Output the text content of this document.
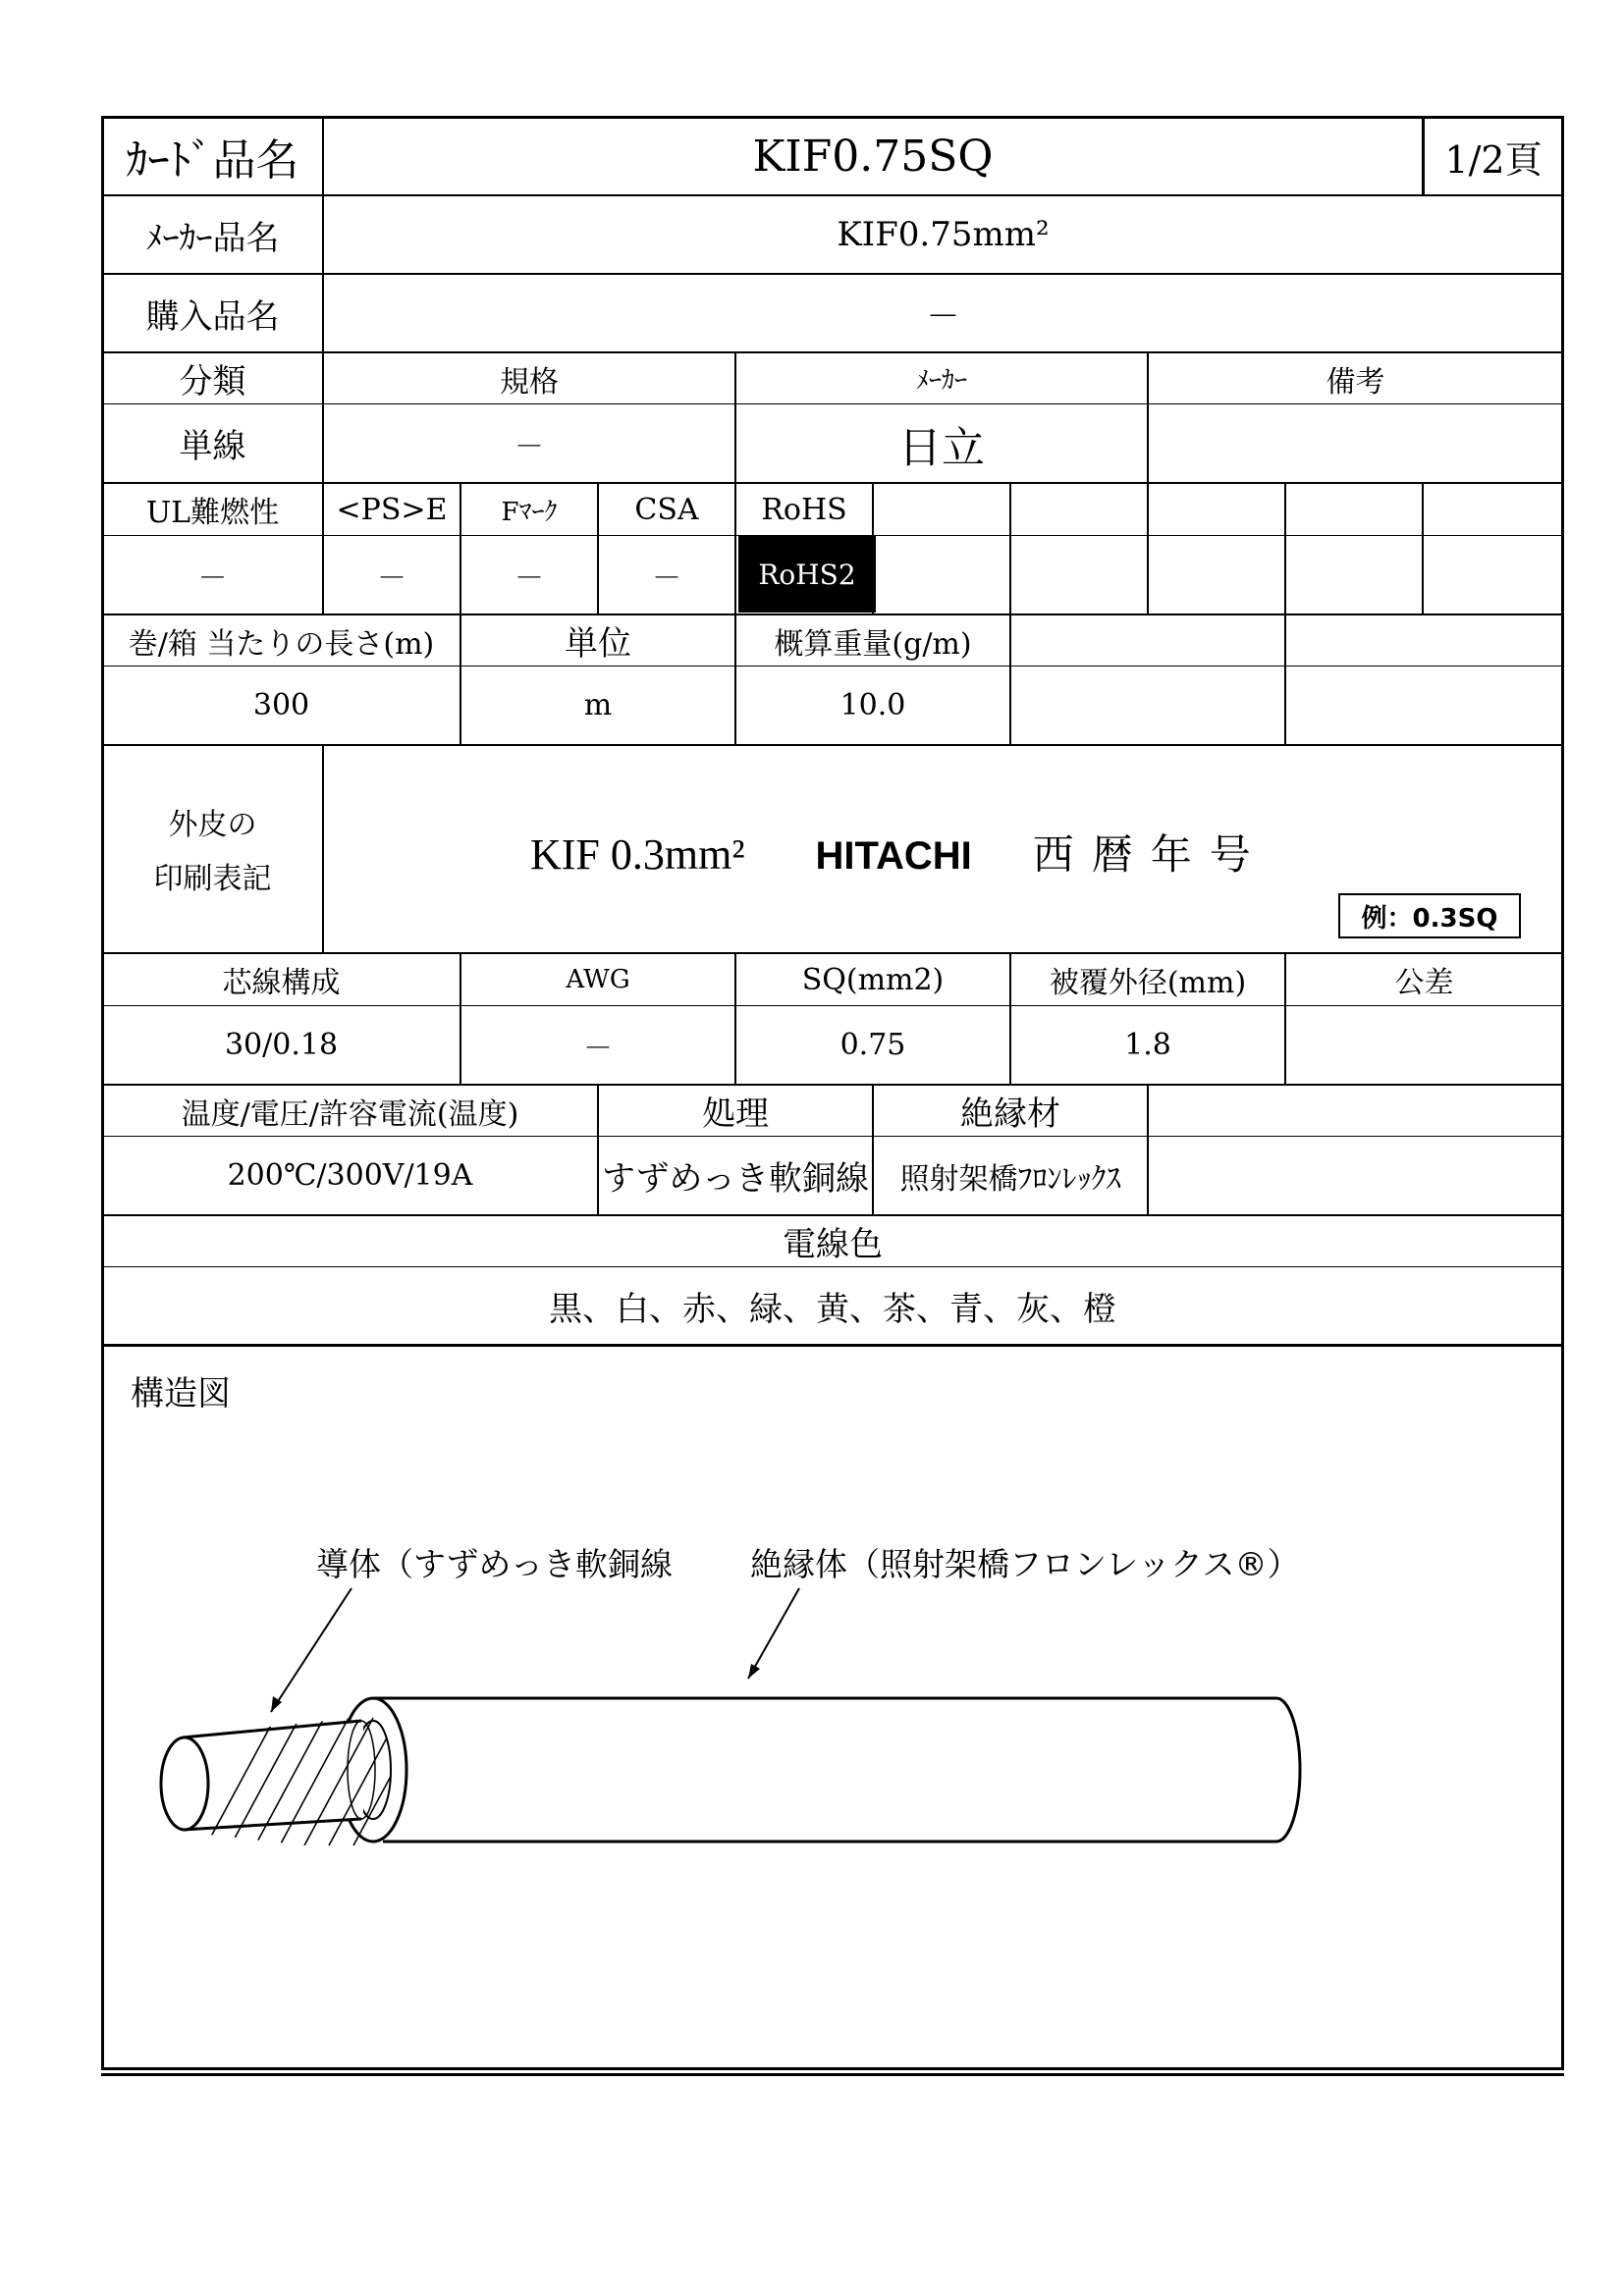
ｶｰﾄﾞ品名	KIF0.75SQ	1/2頁
ﾒｰｶｰ品名	KIF0.75mm²
購入品名	－
分類	規格	ﾒｰｶｰ	備考
単線	－	日立
UL難燃性	<PS>E	Fﾏｰｸ	CSA	RoHS
－	－	－	－	RoHS2
巻/箱 当たりの長さ(m)	単位	概算重量(g/m)
300	m	10.0
外皮の
印刷表記
KIF 0.3mm² HITACHI 西暦年号
例：0.3SQ
芯線構成	AWG	SQ(mm2)	被覆外径(mm)	公差
30/0.18	－	0.75	1.8
温度/電圧/許容電流(温度)	処理	絶縁材
200℃/300V/19A	すずめっき軟銅線	照射架橋ﾌﾛﾝﾚｯｸｽ
電線色
黒、白、赤、緑、黄、茶、青、灰、橙
構造図
導体（すずめっき軟銅線 絶縁体（照射架橋フロンレックス®）
